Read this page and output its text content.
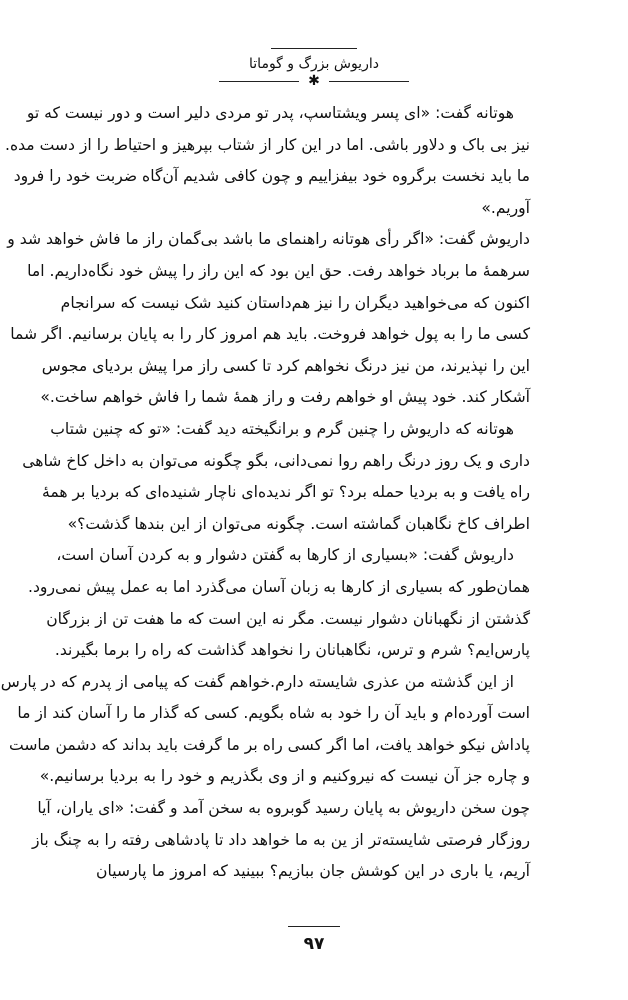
داریوش بزرگ و گوماتا
✱

هوتانه گفت: «ای پسر ویشتاسپ، پدر تو مردی دلیر است و دور نیست که تو
نیز بی باک و دلاور باشی. اما در این کار از شتاب بپرهیز و احتیاط را از دست مده.
ما باید نخست برگروه خود بیفزاییم و چون کافی شدیم آن‌گاه ضربت خود را فرود
آوریم.»

داریوش گفت: «اگر رأی هوتانه راهنمای ما باشد بی‌گمان راز ما فاش خواهد شد و
سرهمهٔ ما برباد خواهد رفت. حق این بود که این راز را پیش خود نگاه‌داریم. اما
اکنون که می‌خواهید دیگران را نیز هم‌داستان کنید شک نیست که سرانجام
کسی ما را به پول خواهد فروخت. باید هم امروز کار را به پایان برسانیم. اگر شما
این را نپذیرند، من نیز درنگ نخواهم کرد تا کسی راز مرا پیش بردیای مجوس
آشکار کند. خود پیش او خواهم رفت و راز همهٔ شما را فاش خواهم ساخت.»

هوتانه که داریوش را چنین گرم و برانگیخته دید گفت: «تو که چنین شتاب
داری و یک روز درنگ راهم روا نمی‌دانی، بگو چگونه می‌توان به داخل کاخ شاهی
راه یافت و به بردیا حمله برد؟ تو اگر ندیده‌ای ناچار شنیده‌ای که بردیا بر همهٔ
اطراف کاخ نگاهبان گماشته است. چگونه می‌توان از این بندها گذشت؟»

داریوش گفت: «بسیاری از کارها به گفتن دشوار و به کردن آسان است،
همان‌طور که بسیاری از کارها به زبان آسان می‌گذرد اما به عمل پیش نمی‌رود.
گذشتن از نگهبانان دشوار نیست. مگر نه این است که ما هفت تن از بزرگان
پارس‌ایم؟ شرم و ترس، نگاهبانان را نخواهد گذاشت که راه را برما بگیرند.

از این گذشته من عذری شایسته دارم.خواهم گفت که پیامی از پدرم که در پارس
است آورده‌ام و باید آن را خود به شاه بگویم. کسی که گذار ما را آسان کند از ما
پاداش نیکو خواهد یافت، اما اگر کسی راه بر ما گرفت باید بداند که دشمن ماست
و چاره جز آن نیست که نیروکنیم و از وی بگذریم و خود را به بردیا برسانیم.»

چون سخن داریوش به پایان رسید گوبروه به سخن آمد و گفت: «ای یاران، آیا
روزگار فرصتی شایسته‌تر از ین به ما خواهد داد تا پادشاهی رفته را به چنگ باز
آریم، یا باری در این کوشش جان ببازیم؟ ببینید که امروز ما پارسیان

۹۷
